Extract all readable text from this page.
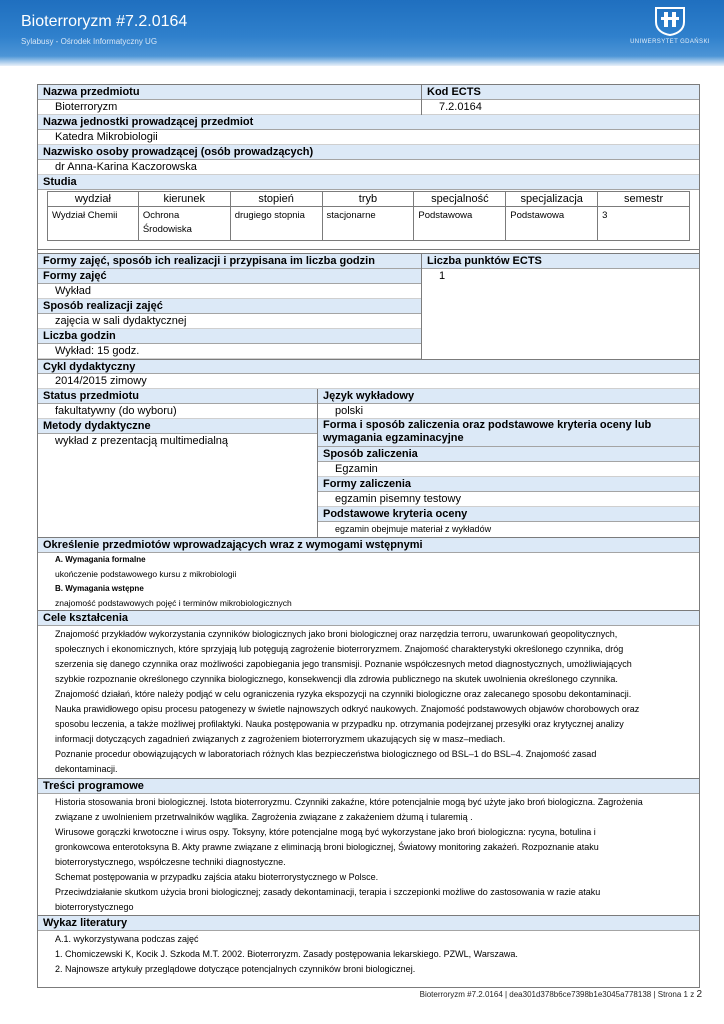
Bioterroryzm #7.2.0164
Sylabusy - Ośrodek Informatyczny UG	UNIWERSYTET GDAŃSKI
Nazwa przedmiotu
Bioterroryzm
Kod ECTS
7.2.0164
Nazwa jednostki prowadzącej przedmiot
Katedra Mikrobiologii
Nazwisko osoby prowadzącej (osób prowadzących)
dr Anna-Karina Kaczorowska
Studia
wydział	kierunek	stopień	tryb	specjalność	specjalizacja	semestr
Wydział Chemii	Ochrona Środowiska	drugiego stopnia	stacjonarne	Podstawowa	Podstawowa	3
Formy zajęć, sposób ich realizacji i przypisana im liczba godzin
Formy zajęć
Wykład
Sposób realizacji zajęć
zajęcia w sali dydaktycznej
Liczba godzin
Wykład: 15 godz.
Liczba punktów ECTS
1
Cykl dydaktyczny
2014/2015 zimowy
Status przedmiotu
fakultatywny (do wyboru)
Język wykładowy
polski
Metody dydaktyczne
wykład z prezentacją multimedialną
Forma i sposób zaliczenia oraz podstawowe kryteria oceny lub wymagania egzaminacyjne
Sposób zaliczenia
Egzamin
Formy zaliczenia
egzamin pisemny testowy
Podstawowe kryteria oceny
egzamin obejmuje materiał z wykładów
Określenie przedmiotów wprowadzających wraz z wymogami wstępnymi
A. Wymagania formalne
ukończenie podstawowego kursu z mikrobiologii
B. Wymagania wstępne
znajomość podstawowych pojęć i terminów mikrobiologicznych
Cele kształcenia
Znajomość przykładów wykorzystania czynników biologicznych jako broni biologicznej oraz narzędzia terroru, uwarunkowań geopolitycznych,
społecznych i ekonomicznych, które sprzyjają lub potęgują zagrożenie bioterroryzmem. Znajomość charakterystyki określonego czynnika, dróg
szerzenia się danego czynnika oraz możliwości zapobiegania jego transmisji. Poznanie współczesnych metod diagnostycznych, umożliwiających
szybkie rozpoznanie określonego czynnika biologicznego, konsekwencji dla zdrowia publicznego na skutek uwolnienia określonego czynnika.
Znajomość działań, które należy podjąć w celu ograniczenia ryzyka ekspozycji na czynniki biologiczne oraz zalecanego sposobu dekontaminacji.
Nauka prawidłowego opisu procesu patogenezy w świetle najnowszych odkryć naukowych. Znajomość podstawowych objawów chorobowych oraz
sposobu leczenia, a także możliwej profilaktyki. Nauka postępowania w przypadku np. otrzymania podejrzanej przesyłki oraz krytycznej analizy
informacji dotyczących zagadnień związanych z zagrożeniem bioterroryzmem ukazujących się w masz–mediach.
Poznanie procedur obowiązujących w laboratoriach różnych klas bezpieczeństwa biologicznego od BSL–1 do BSL–4. Znajomość zasad
dekontaminacji.
Treści programowe
Historia stosowania broni biologicznej. Istota bioterroryzmu. Czynniki zakaźne, które potencjalnie mogą być użyte jako broń biologiczna. Zagrożenia
związane z uwolnieniem przetrwalników wąglika. Zagrożenia związane z zakażeniem dżumą i tularemią .
Wirusowe gorączki krwotoczne i wirus ospy. Toksyny, które potencjalne mogą być wykorzystane jako broń biologiczna: rycyna, botulina i
gronkowcowa enterotoksyna B. Akty prawne związane z eliminacją broni biologicznej, Światowy monitoring zakażeń. Rozpoznanie ataku
bioterrorystycznego, współczesne techniki diagnostyczne.
Schemat postępowania w przypadku zajścia ataku bioterrorystycznego w Polsce.
Przeciwdziałanie skutkom użycia broni biologicznej; zasady dekontaminacji, terapia i szczepionki możliwe do zastosowania w razie ataku
bioterrorystycznego
Wykaz literatury
A.1. wykorzystywana podczas zajęć
1. Chomiczewski K, Kocik J. Szkoda M.T. 2002. Bioterroryzm. Zasady postępowania lekarskiego. PZWL, Warszawa.
2. Najnowsze artykuły przeglądowe dotyczące potencjalnych czynników broni biologicznej.
Bioterroryzm #7.2.0164 | dea301d378b6ce7398b1e3045a778138 | Strona 1 z 2
